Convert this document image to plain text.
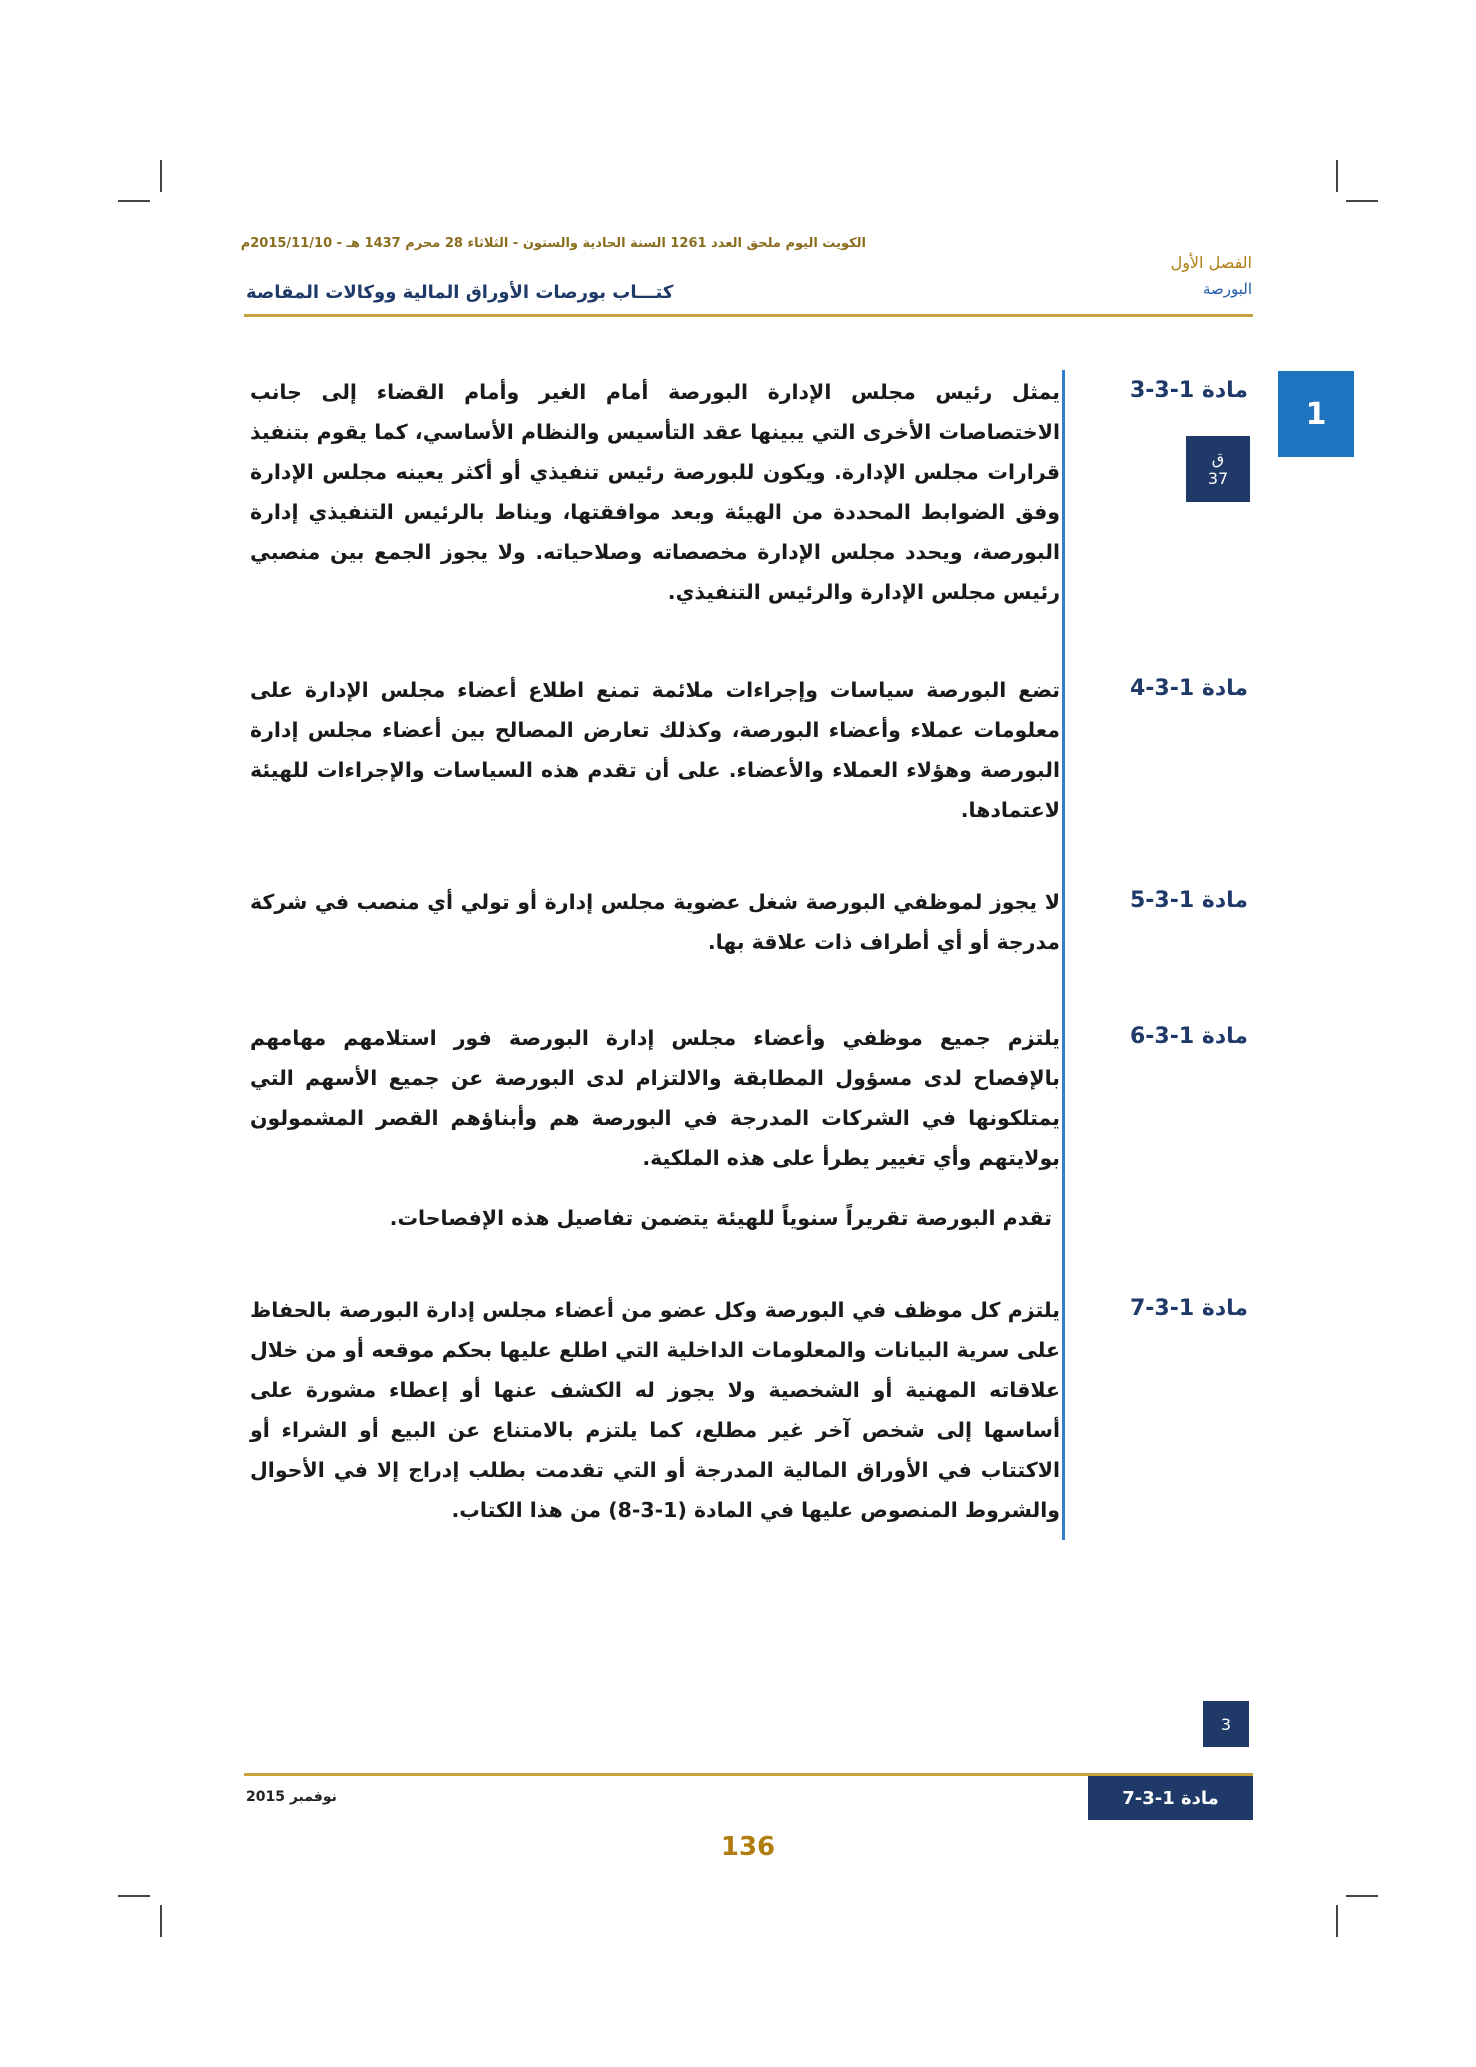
الكويت اليوم ملحق العدد 1261 السنة الحادية والستون - الثلاثاء 28 محرم 1437 هـ - 2015/11/10م
الفصل الأول
البورصة
كتـــاب بورصات الأوراق المالية ووكالات المقاصة
1
ق
37
مادة 1-3-3
يمثل رئيس مجلس الإدارة البورصة أمام الغير وأمام القضاء إلى جانب الاختصاصات الأخرى التي يبينها عقد التأسيس والنظام الأساسي، كما يقوم بتنفيذ قرارات مجلس الإدارة. ويكون للبورصة رئيس تنفيذي أو أكثر يعينه مجلس الإدارة وفق الضوابط المحددة من الهيئة وبعد موافقتها، ويناط بالرئيس التنفيذي إدارة البورصة، ويحدد مجلس الإدارة مخصصاته وصلاحياته. ولا يجوز الجمع بين منصبي رئيس مجلس الإدارة والرئيس التنفيذي.
مادة 1-3-4
تضع البورصة سياسات وإجراءات ملائمة تمنع اطلاع أعضاء مجلس الإدارة على معلومات عملاء وأعضاء البورصة، وكذلك تعارض المصالح بين أعضاء مجلس إدارة البورصة وهؤلاء العملاء والأعضاء. على أن تقدم هذه السياسات والإجراءات للهيئة لاعتمادها.
مادة 1-3-5
لا يجوز لموظفي البورصة شغل عضوية مجلس إدارة أو تولي أي منصب في شركة مدرجة أو أي أطراف ذات علاقة بها.
مادة 1-3-6
يلتزم جميع موظفي وأعضاء مجلس إدارة البورصة فور استلامهم مهامهم بالإفصاح لدى مسؤول المطابقة والالتزام لدى البورصة عن جميع الأسهم التي يمتلكونها في الشركات المدرجة في البورصة هم وأبناؤهم القصر المشمولون بولايتهم وأي تغيير يطرأ على هذه الملكية.
تقدم البورصة تقريراً سنوياً للهيئة يتضمن تفاصيل هذه الإفصاحات.
مادة 1-3-7
يلتزم كل موظف في البورصة وكل عضو من أعضاء مجلس إدارة البورصة بالحفاظ على سرية البيانات والمعلومات الداخلية التي اطلع عليها بحكم موقعه أو من خلال علاقاته المهنية أو الشخصية ولا يجوز له الكشف عنها أو إعطاء مشورة على أساسها إلى شخص آخر غير مطلع، كما يلتزم بالامتناع عن البيع أو الشراء أو الاكتتاب في الأوراق المالية المدرجة أو التي تقدمت بطلب إدراج إلا في الأحوال والشروط المنصوص عليها في المادة (1-3-8) من هذا الكتاب.
3
نوفمبر 2015	مادة 1-3-7
136
